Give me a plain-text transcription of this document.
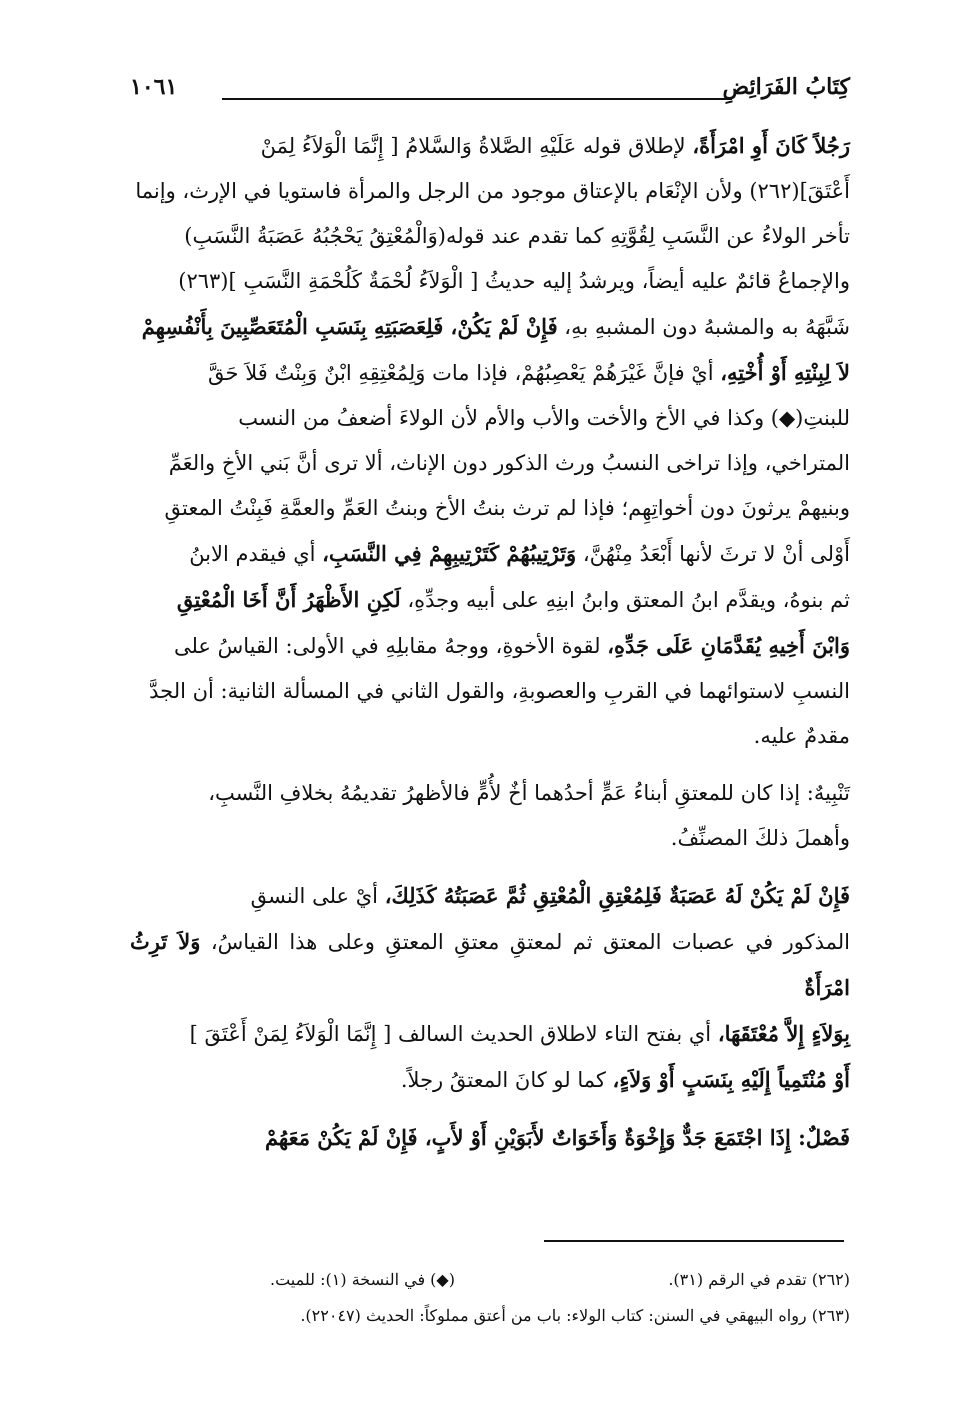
كِتَابُ الفَرَائِضِ
١٠٦١

رَجُلاً كَانَ أَوِ امْرَأَةً، لإطلاق قوله عَلَيْهِ الصَّلاةُ وَالسَّلامُ [ إِنَّمَا الْوَلاَءُ لِمَنْ

أَعْتَقَ](٢٦٢) ولأن الإنْعَام بالإعتاق موجود من الرجل والمرأة فاستويا في الإرث، وإنما

تأخر الولاءُ عن النَّسَبِ لِقُوَّتِهِ كما تقدم عند قوله(وَالْمُعْتِقُ يَحْجُبُهُ عَصَبَةُ النَّسَبِ)

والإجماعُ قائمٌ عليه أيضاً، ويرشدُ إليه حديثُ [ الْوَلاَءُ لُحْمَةٌ كَلُحْمَةِ النَّسَبِ ](٢٦٣)

شَبَّهَهُ به والمشبهُ دون المشبهِ بهِ، فَإِنْ لَمْ يَكُنْ، فَلِعَصَبَتِهِ بِنَسَبِ الْمُتَعَصِّبِينَ بِأَنْفُسِهِمْ

لاَ لِبِنْتِهِ أَوْ أُخْتِهِ، أيْ فإنَّ غَيْرَهُمْ يَعْصِبُهُمْ، فإذا مات وَلِمُعْتِقِهِ ابْنٌ وَبِنْتٌ فَلاَ حَقَّ

للبنتِ(◆) وكذا في الأخ والأخت والأب والأم لأن الولاءَ أضعفُ من النسب

المتراخي، وإذا تراخى النسبُ ورث الذكور دون الإناث، ألا ترى أنَّ بَني الأخِ والعَمِّ

وبنيهمْ يرثونَ دون أخواتِهِم؛ فإذا لم ترث بنتُ الأخ وبنتُ العَمِّ والعمَّةِ فَبِنْتُ المعتقِ

أَوْلى أنْ لا ترثَ لأنها أَبْعَدُ مِنْهُنَّ، وَتَرْتِيبُهُمْ كَتَرْتِيبِهِمْ فِي النَّسَبِ، أي فيقدم الابنُ

ثم بنوهُ، ويقدَّم ابنُ المعتق وابنُ ابنِهِ على أبيه وجدِّهِ، لَكِنِ الأَظْهَرُ أَنَّ أَخَا الْمُعْتِقِ

وَابْنَ أَخِيهِ يُقَدَّمَانِ عَلَى جَدِّهِ، لقوة الأخوةِ، ووجهُ مقابلِهِ في الأولى: القياسُ على

النسبِ لاستوائهما في القربِ والعصوبةِ، والقول الثاني في المسألة الثانية: أن الجدَّ

مقدمٌ عليه.

تَنْبِيهٌ: إذا كان للمعتقِ أبناءُ عَمٍّ أحدُهما أخٌ لأُمٍّ فالأظهرُ تقديمُهُ بخلافِ النَّسبِ،

وأهملَ ذلكَ المصنِّفُ.

فَإِنْ لَمْ يَكُنْ لَهُ عَصَبَةٌ فَلِمُعْتِقِ الْمُعْتِقِ ثُمَّ عَصَبَتُهُ كَذَلِكَ، أيْ على النسقِ

المذكور في عصبات المعتق ثم لمعتقِ معتقِ المعتقِ وعلى هذا القياسُ، وَلاَ تَرِثُ امْرَأَةٌ

بِوَلاَءٍ إِلاَّ مُعْتَقَهَا، أي بفتح التاء لاطلاق الحديث السالف [ إِنَّمَا الْوَلاَءُ لِمَنْ أَعْتَقَ ]

أَوْ مُنْتَمِياً إِلَيْهِ بِنَسَبٍ أَوْ وَلاَءٍ، كما لو كانَ المعتقُ رجلاً.

فَصْلٌ: إِذَا اجْتَمَعَ جَدٌّ وَإِخْوَةٌ وَأَخَوَاتٌ لأَبَوَيْنِ أَوْ لأَبٍ، فَإِنْ لَمْ يَكُنْ مَعَهُمْ

(٢٦٢) تقدم في الرقم (٣١).
(◆) في النسخة (١): للميت.
(٢٦٣) رواه البيهقي في السنن: كتاب الولاء: باب من أعتق مملوكاً: الحديث (٢٢٠٤٧).
